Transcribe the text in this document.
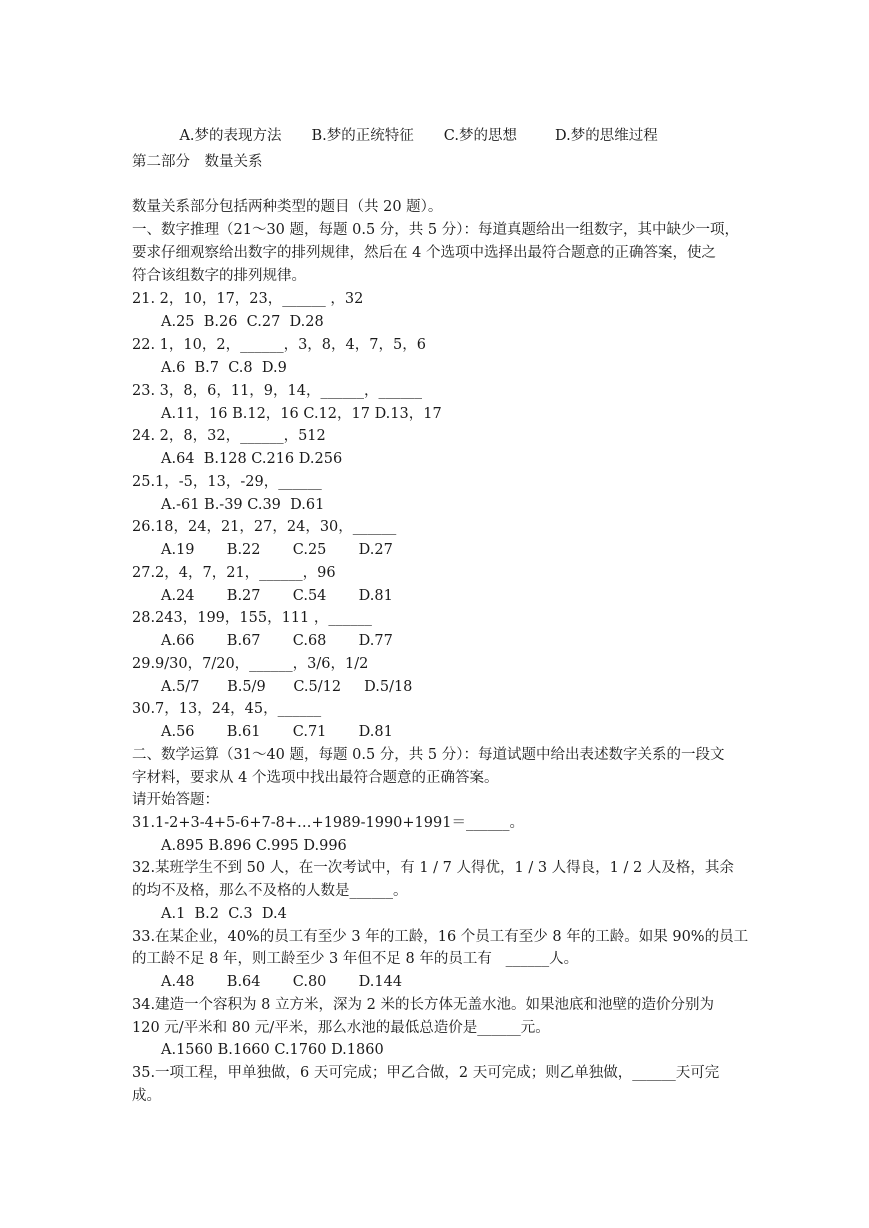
A.梦的表现方法 B.梦的正统特征 C.梦的思想	D.梦的思维过程

第二部分　数量关系
数量关系部分包括两种类型的题目（共 20 题）。
一、数字推理（21～30 题，每题 0.5 分，共 5 分）：每道真题给出一组数字，其中缺少一项，
要求仔细观察给出数字的排列规律，然后在 4 个选项中选择出最符合题意的正确答案，使之
符合该组数字的排列规律。
21. 2，10，17，23，______ ，32
A.25  B.26  C.27  D.28
22. 1，10，2，______，3，8，4，7，5，6
A.6  B.7  C.8  D.9
23. 3，8，6，11，9，14，______，______
A.11，16 B.12，16 C.12，17 D.13，17
24. 2，8，32，______，512
A.64  B.128 C.216 D.256
25.1，-5，13，-29，______
A.-61 B.-39 C.39  D.61
26.18，24，21，27，24，30，______
A.19       B.22       C.25       D.27
27.2，4，7，21，______，96
A.24       B.27       C.54       D.81
28.243，199，155，111 ，______
A.66       B.67       C.68       D.77
29.9/30，7/20，______，3/6，1/2
A.5/7      B.5/9      C.5/12     D.5/18
30.7，13，24，45，______
A.56       B.61       C.71       D.81
二、数学运算（31～40 题，每题 0.5 分，共 5 分）：每道试题中给出表述数字关系的一段文
字材料，要求从 4 个选项中找出最符合题意的正确答案。
请开始答题：
31.1-2+3-4+5-6+7-8+…+1989-1990+1991＝______。
A.895 B.896 C.995 D.996
32.某班学生不到 50 人，在一次考试中，有 1 / 7 人得优，1 / 3 人得良，1 / 2 人及格，其余
的均不及格，那么不及格的人数是______。
A.1  B.2  C.3  D.4
33.在某企业，40%的员工有至少 3 年的工龄，16 个员工有至少 8 年的工龄。如果 90%的员工
的工龄不足 8 年，则工龄至少 3 年但不足 8 年的员工有   ______人。
A.48       B.64       C.80       D.144
34.建造一个容积为 8 立方米，深为 2 米的长方体无盖水池。如果池底和池壁的造价分别为
120 元/平米和 80 元/平米，那么水池的最低总造价是______元。
A.1560 B.1660 C.1760 D.1860
35.一项工程，甲单独做，6 天可完成；甲乙合做，2 天可完成；则乙单独做，______天可完
成。
